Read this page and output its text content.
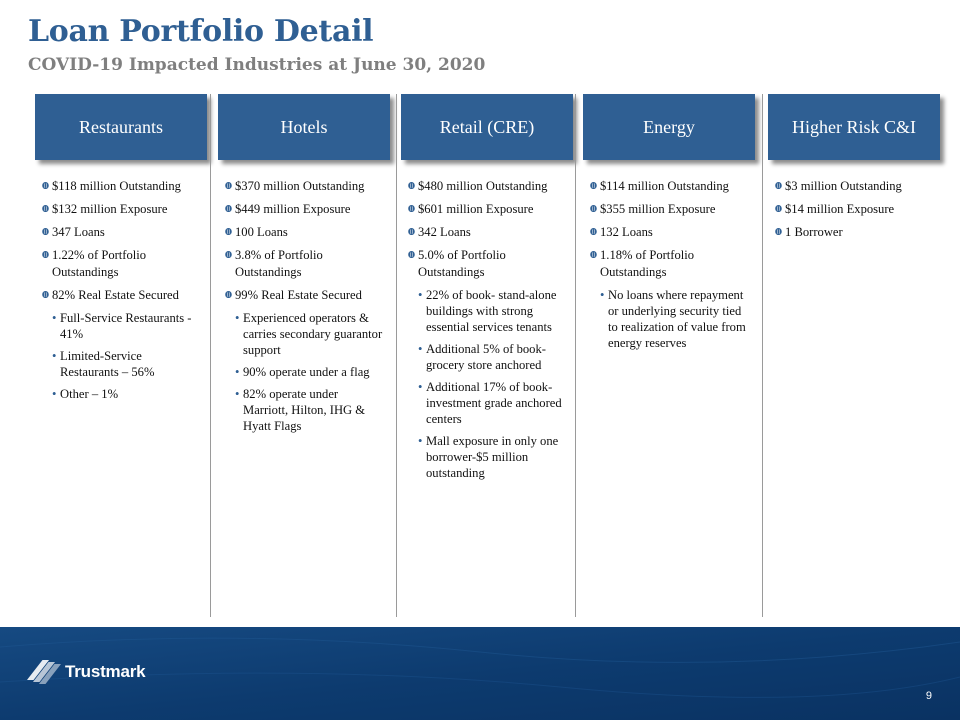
Loan Portfolio Detail
COVID-19 Impacted Industries at June 30, 2020
Restaurants
⓫ $118 million Outstanding
⓫ $132 million Exposure
⓫ 347 Loans
⓫ 1.22% of Portfolio Outstandings
⓫ 82% Real Estate Secured
• Full-Service Restaurants - 41%
• Limited-Service Restaurants – 56%
• Other – 1%
Hotels
⓫ $370 million Outstanding
⓫ $449 million Exposure
⓫ 100 Loans
⓫ 3.8% of Portfolio Outstandings
⓫ 99% Real Estate Secured
• Experienced operators & carries secondary guarantor support
• 90% operate under a flag
• 82% operate under Marriott, Hilton, IHG & Hyatt Flags
Retail (CRE)
⓫ $480 million Outstanding
⓫ $601 million Exposure
⓫ 342 Loans
⓫ 5.0% of Portfolio Outstandings
• 22% of book- stand-alone buildings with strong essential services tenants
• Additional 5% of book- grocery store anchored
• Additional 17% of book-investment grade anchored centers
• Mall exposure in only one borrower-$5 million outstanding
Energy
⓫ $114 million Outstanding
⓫ $355 million Exposure
⓫ 132 Loans
⓫ 1.18% of Portfolio Outstandings
• No loans where repayment or underlying security tied to realization of value from energy reserves
Higher Risk C&I
⓫ $3 million Outstanding
⓫ $14 million Exposure
⓫ 1 Borrower
Trustmark
9
